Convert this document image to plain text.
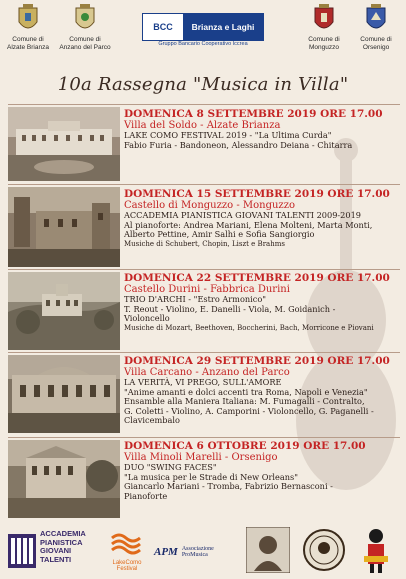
Comune di
Alzate Brianza
Comune di
Anzano del Parco
Comune di
Monguzzo
Comune di
Orsenigo
BCC	Brianza e Laghi
Gruppo Bancario Cooperativo Iccrea
10a Rassegna "Musica in Villa"
DOMENICA 8 SETTEMBRE 2019 ORE 17.00
Villa del Soldo - Alzate Brianza
LAKE COMO FESTIVAL 2019 - "La Ultima Curda"
Fabio Furia - Bandoneon, Alessandro Deiana - Chitarra
DOMENICA 15 SETTEMBRE 2019 ORE 17.00
Castello di Monguzzo - Monguzzo
ACCADEMIA PIANISTICA GIOVANI TALENTI 2009-2019
Al pianoforte: Andrea Mariani, Elena Molteni, Marta Monti,
Alberto Pettine, Amir Salhi e Sofia Sangiorgio
Musiche di Schubert, Chopin, Liszt e Brahms
DOMENICA 22 SETTEMBRE 2019 ORE 17.00
Castello Durini - Fabbrica Durini
TRIO D'ARCHI - "Estro Armonico"
T. Reout - Violino, E. Danelli - Viola, M. Goidanich -
Violoncello
Musiche di Mozart, Beethoven, Boccherini, Bach, Morricone e Piovani
DOMENICA 29 SETTEMBRE 2019 ORE 17.00
Villa Carcano - Anzano del Parco
LA VERITÀ, VI PREGO, SULL'AMORE
"Anime amanti e dolci accenti tra Roma, Napoli e Venezia"
Ensamble alla Maniera Italiana: M. Fumagalli - Contralto,
G. Coletti - Violino, A. Camporini - Violoncello, G. Paganelli -
Clavicembalo
DOMENICA 6 OTTOBRE 2019 ORE 17.00
Villa Minoli Marelli - Orsenigo
DUO "SWING FACES"
"La musica per le Strade di New Orleans"
Giancarlo Mariani - Tromba, Fabrizio Bernasconi -
Pianoforte
ACCADEMIA
PIANISTICA
GIOVANI
TALENTI	LakeComo
Festival
APM Associazione ProMusica
